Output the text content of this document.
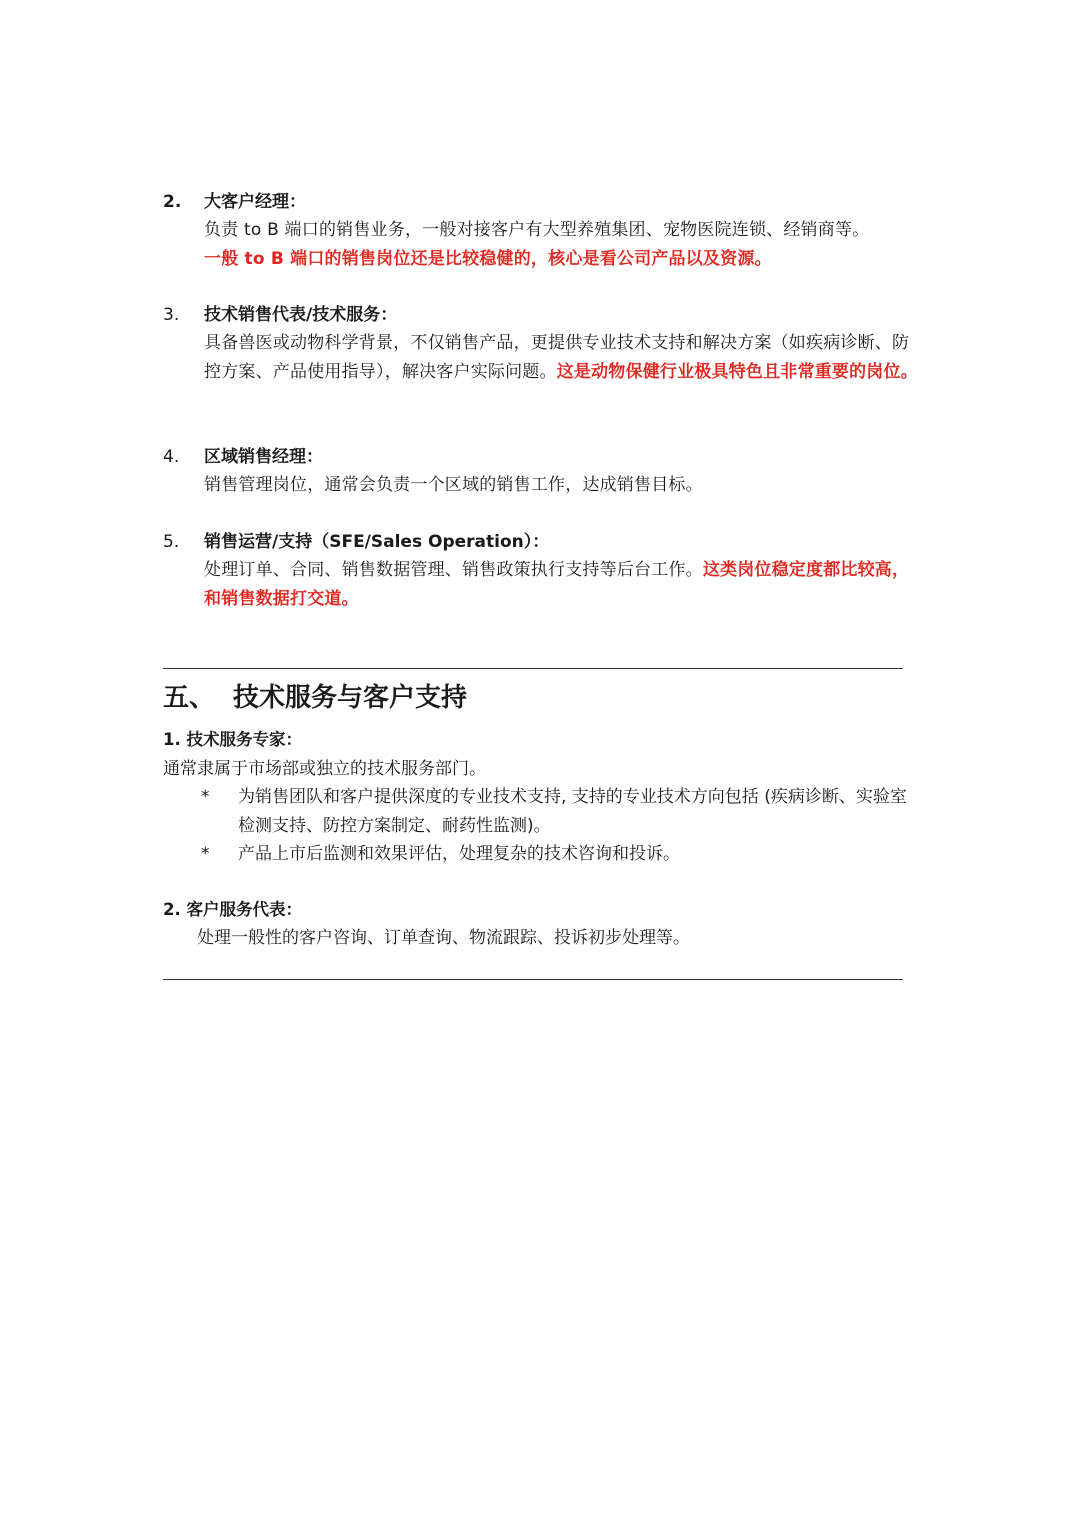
2. 大客户经理：
负责 to B 端口的销售业务，一般对接客户有大型养殖集团、宠物医院连锁、经销商等。
一般 to B 端口的销售岗位还是比较稳健的，核心是看公司产品以及资源。
3. 技术销售代表/技术服务：
具备兽医或动物科学背景，不仅销售产品，更提供专业技术支持和解决方案（如疾病诊断、防控方案、产品使用指导），解决客户实际问题。这是动物保健行业极具特色且非常重要的岗位。
4. 区域销售经理：
销售管理岗位，通常会负责一个区域的销售工作，达成销售目标。
5. 销售运营/支持（SFE/Sales Operation）：
处理订单、合同、销售数据管理、销售政策执行支持等后台工作。这类岗位稳定度都比较高，和销售数据打交道。
五、 技术服务与客户支持
1. 技术服务专家：
通常隶属于市场部或独立的技术服务部门。
*	为销售团队和客户提供深度的专业技术支持, 支持的专业技术方向包括 (疾病诊断、实验室检测支持、防控方案制定、耐药性监测)。
*	产品上市后监测和效果评估，处理复杂的技术咨询和投诉。
2. 客户服务代表：
处理一般性的客户咨询、订单查询、物流跟踪、投诉初步处理等。
